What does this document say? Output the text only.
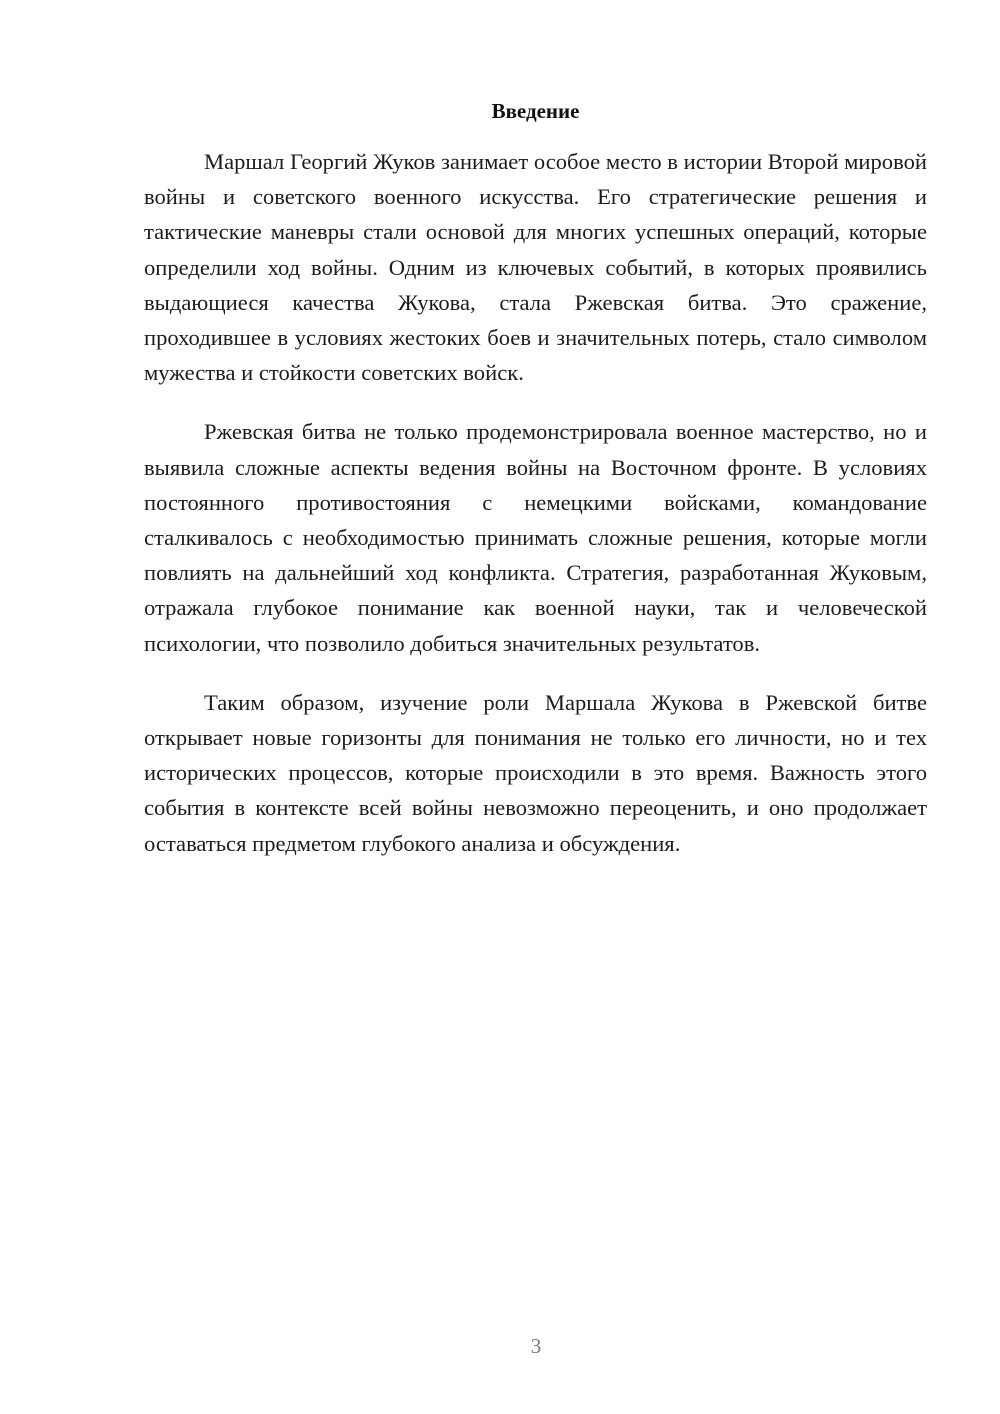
Введение

Маршал Георгий Жуков занимает особое место в истории Второй мировой войны и советского военного искусства. Его стратегические решения и тактические маневры стали основой для многих успешных операций, которые определили ход войны. Одним из ключевых событий, в которых проявились выдающиеся качества Жукова, стала Ржевская битва. Это сражение, проходившее в условиях жестоких боев и значительных потерь, стало символом мужества и стойкости советских войск.

Ржевская битва не только продемонстрировала военное мастерство, но и выявила сложные аспекты ведения войны на Восточном фронте. В условиях постоянного противостояния с немецкими войсками, командование сталкивалось с необходимостью принимать сложные решения, которые могли повлиять на дальнейший ход конфликта. Стратегия, разработанная Жуковым, отражала глубокое понимание как военной науки, так и человеческой психологии, что позволило добиться значительных результатов.

Таким образом, изучение роли Маршала Жукова в Ржевской битве открывает новые горизонты для понимания не только его личности, но и тех исторических процессов, которые происходили в это время. Важность этого события в контексте всей войны невозможно переоценить, и оно продолжает оставаться предметом глубокого анализа и обсуждения.

3
